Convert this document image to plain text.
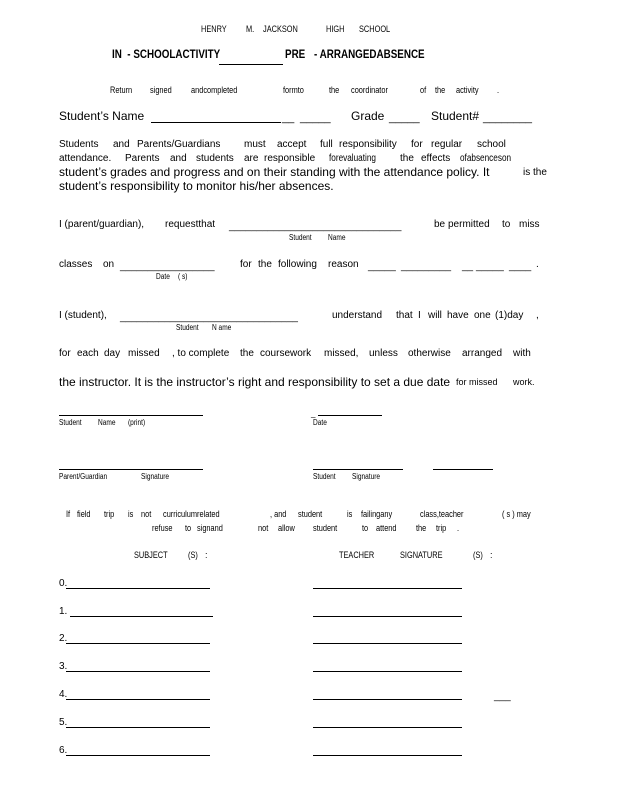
HENRY M. JACKSON	HIGH SCHOOL
IN  - SCHOOLACTIVITY	PRE - ARRANGEDABSENCE
Return signed andcompleted	formto	the coordinator	of the activity .
Student’s Name	__ _____ Grade _____ Student# ________
Students and Parents/Guardians must accept full responsibility for regular school
attendance. Parents and students are responsible forevaluating the effects ofabsenceson
student’s grades and progress and on their standing with the attendance policy. It	is the
student’s responsibility to monitor his/her absences.
I (parent/guardian), requestthat _______________________________	be permitted to miss
Student Name
classes on _________________	for the following reason _____ _________ __ _____ ____ .
Date ( s)
I (student), ________________________________	understand that I will have one (1)day ,
Student N ame
for each day missed , to complete the coursework missed, unless otherwise arranged with
the instructor. It is the instructor’s right and responsibility to set a due date for missed work.
Student Name (print)
_
Date
Parent/Guardian	Signature	Student Signature
If field trip is not curriculumrelated	, and student	is failingany	class,teacher	( s ) may
refuse to signand	not allow student	to attend the trip .
SUBJECT (S) :	TEACHER	SIGNATURE	(S) :
0.
1.
2.
3.
4.	___
5.
6.
